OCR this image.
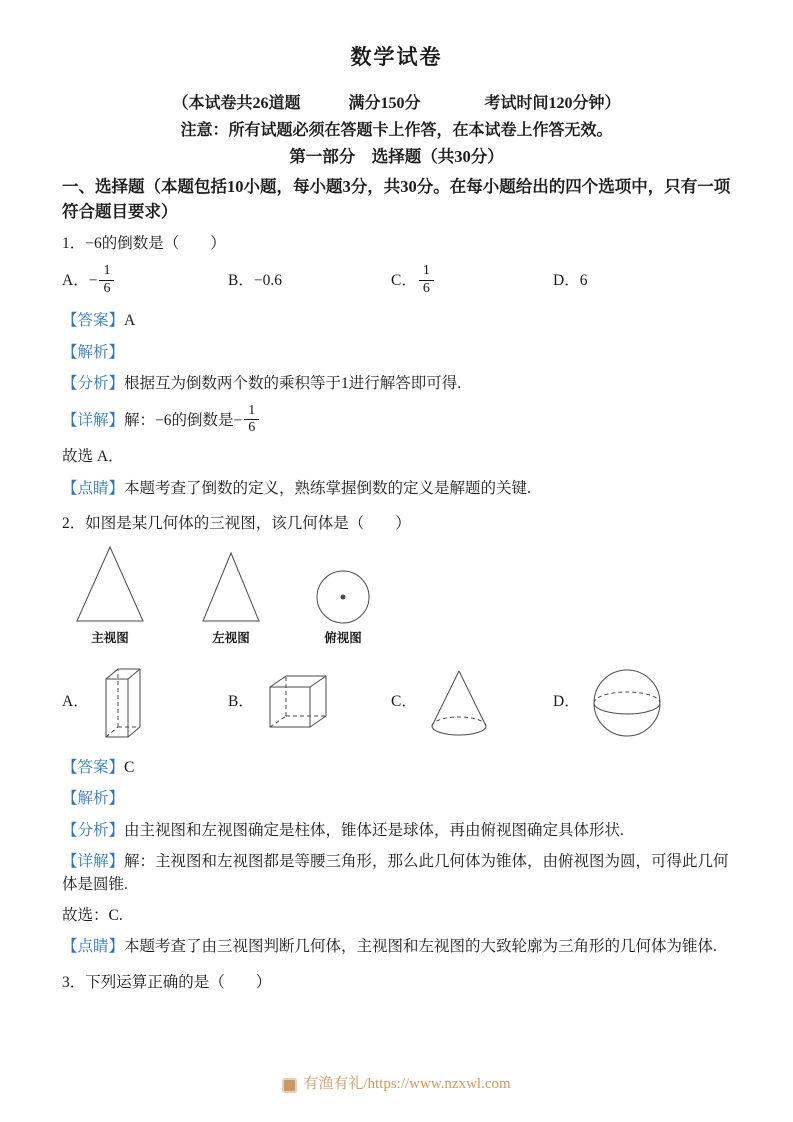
数学试卷
（本试卷共26道题　　　满分150分　　　　考试时间120分钟）
注意：所有试题必须在答题卡上作答，在本试卷上作答无效。
第一部分　选择题（共30分）
一、选择题（本题包括10小题，每小题3分，共30分。在每小题给出的四个选项中，只有一项符合题目要求）
1．−6的倒数是（　　）
A． − $\frac{1}{6}$	B．−0.6	C． $\frac{1}{6}$	D．6
【答案】A
【解析】
【分析】根据互为倒数两个数的乘积等于1进行解答即可得.
【详解】解：−6的倒数是− $\frac{1}{6}$
故选 A．
【点睛】本题考查了倒数的定义，熟练掌握倒数的定义是解题的关键.
2．如图是某几何体的三视图，该几何体是（　　）
主视图	左视图	俯视图
A．	B．	C．	D．
【答案】C
【解析】
【分析】由主视图和左视图确定是柱体，锥体还是球体，再由俯视图确定具体形状.
【详解】解：主视图和左视图都是等腰三角形，那么此几何体为锥体，由俯视图为圆，可得此几何体是圆锥.
故选：C.
【点睛】本题考查了由三视图判断几何体，主视图和左视图的大致轮廓为三角形的几何体为锥体.
3．下列运算正确的是（　　）
有渔有礼/https://www.nzxwl.com
